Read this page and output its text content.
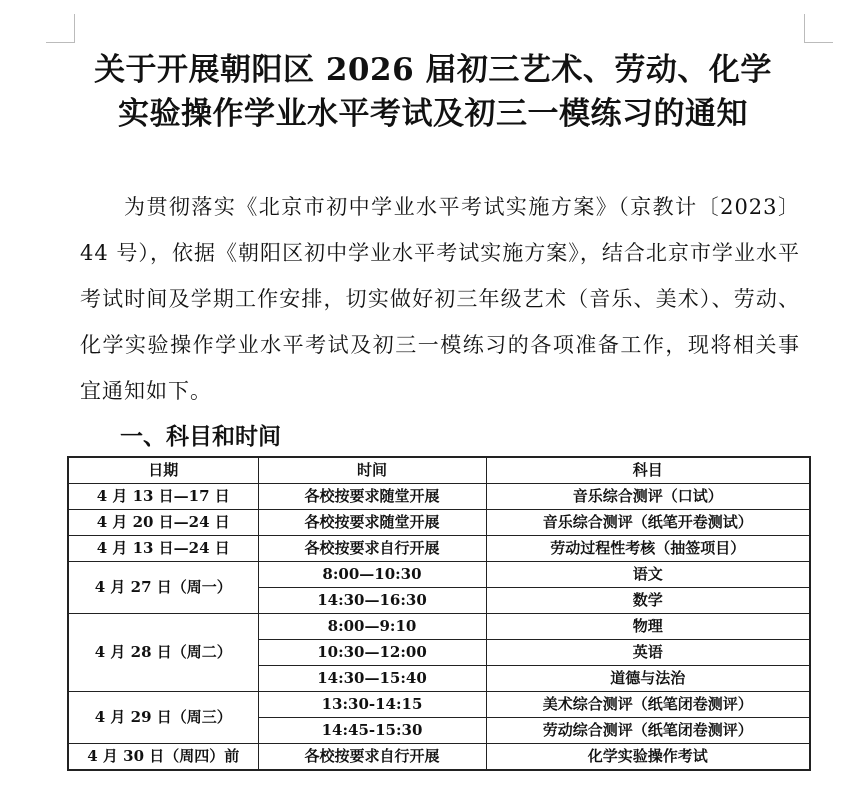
关于开展朝阳区 2026 届初三艺术、劳动、化学
实验操作学业水平考试及初三一模练习的通知
为贯彻落实《北京市初中学业水平考试实施方案》（京教计〔2023〕44 号），依据《朝阳区初中学业水平考试实施方案》，结合北京市学业水平考试时间及学期工作安排，切实做好初三年级艺术（音乐、美术）、劳动、化学实验操作学业水平考试及初三一模练习的各项准备工作，现将相关事宜通知如下。
一、科目和时间
日期	时间	科目
4 月 13 日—17 日	各校按要求随堂开展	音乐综合测评（口试）
4 月 20 日—24 日	各校按要求随堂开展	音乐综合测评（纸笔开卷测试）
4 月 13 日—24 日	各校按要求自行开展	劳动过程性考核（抽签项目）
4 月 27 日（周一）	8:00—10:30	语文
	14:30—16:30	数学
4 月 28 日（周二）	8:00—9:10	物理
	10:30—12:00	英语
	14:30—15:40	道德与法治
4 月 29 日（周三）	13:30-14:15	美术综合测评（纸笔闭卷测评）
	14:45-15:30	劳动综合测评（纸笔闭卷测评）
4 月 30 日（周四）前	各校按要求自行开展	化学实验操作考试
